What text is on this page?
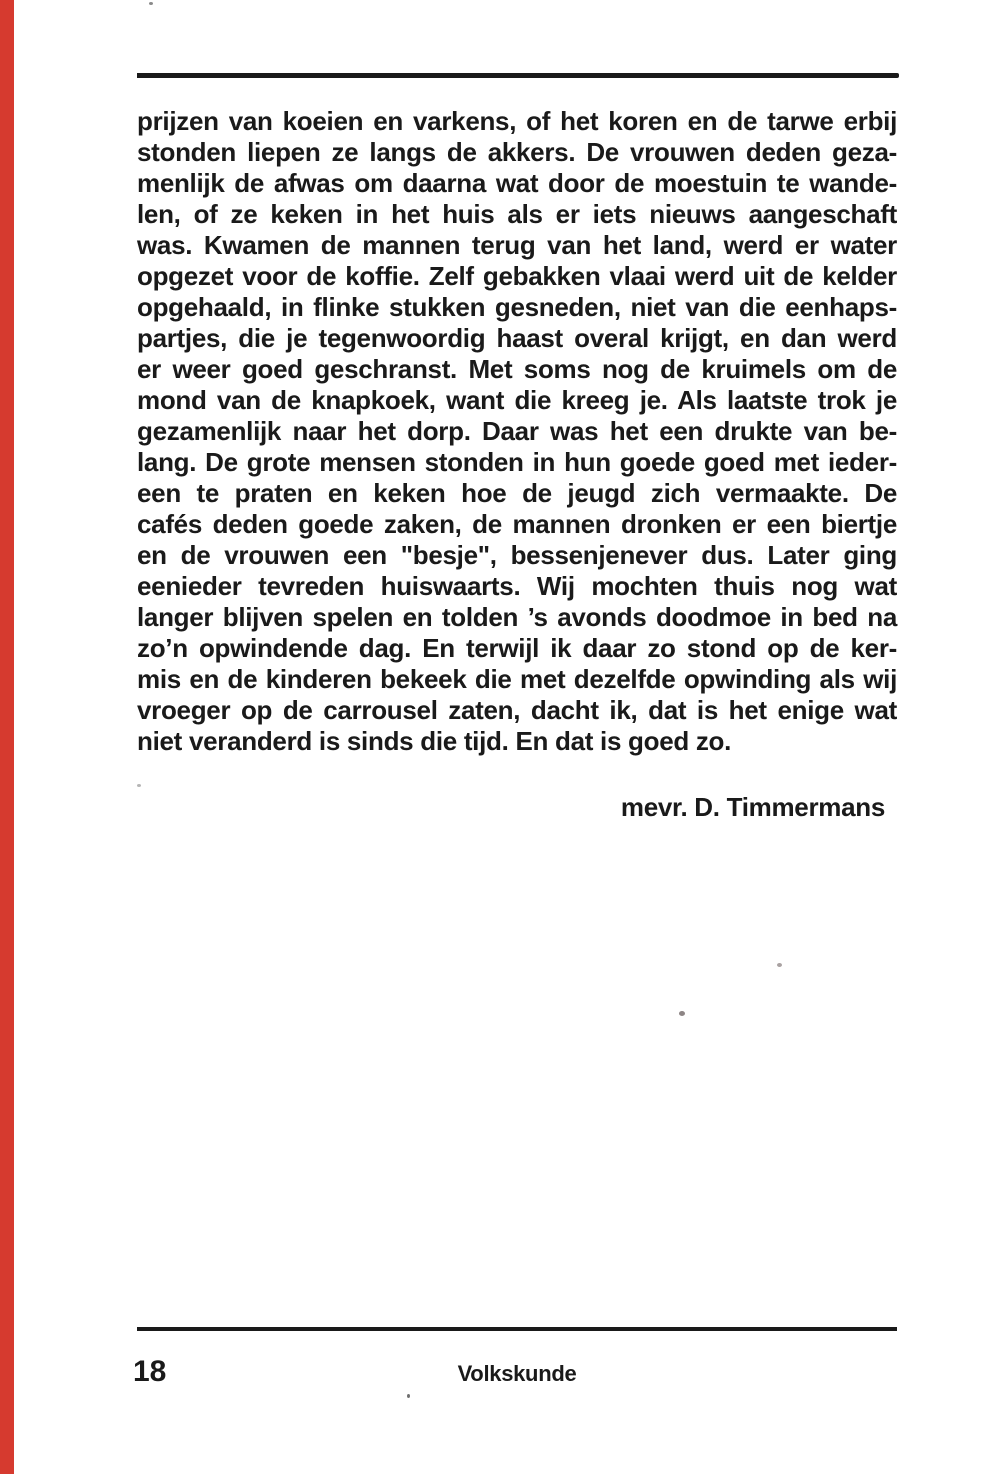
prijzen van koeien en varkens, of het koren en de tarwe erbij
stonden liepen ze langs de akkers. De vrouwen deden geza-
menlijk de afwas om daarna wat door de moestuin te wande-
len, of ze keken in het huis als er iets nieuws aangeschaft
was. Kwamen de mannen terug van het land, werd er water
opgezet voor de koffie. Zelf gebakken vlaai werd uit de kelder
opgehaald, in flinke stukken gesneden, niet van die eenhaps-
partjes, die je tegenwoordig haast overal krijgt, en dan werd
er weer goed geschranst. Met soms nog de kruimels om de
mond van de knapkoek, want die kreeg je. Als laatste trok je
gezamenlijk naar het dorp. Daar was het een drukte van be-
lang. De grote mensen stonden in hun goede goed met ieder-
een te praten en keken hoe de jeugd zich vermaakte. De
cafés deden goede zaken, de mannen dronken er een biertje
en de vrouwen een "besje", bessenjenever dus. Later ging
eenieder tevreden huiswaarts. Wij mochten thuis nog wat
langer blijven spelen en tolden ’s avonds doodmoe in bed na
zo’n opwindende dag. En terwijl ik daar zo stond op de ker-
mis en de kinderen bekeek die met dezelfde opwinding als wij
vroeger op de carrousel zaten, dacht ik, dat is het enige wat
niet veranderd is sinds die tijd. En dat is goed zo.
mevr. D. Timmermans
18	Volkskunde
